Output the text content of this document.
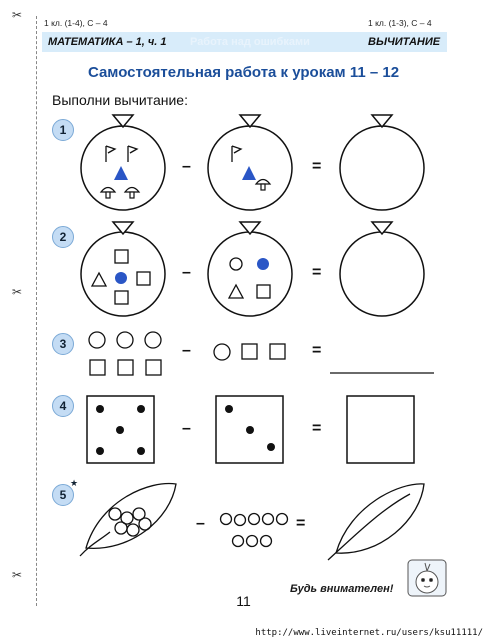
✂
✂
✂
1 кл. (1-4), С – 4	1 кл. (1-3), С – 4
МАТЕМАТИКА – 1, ч. 1 Работа над ошибками	ВЫЧИТАНИЕ
Самостоятельная работа к урокам 11 – 12
Выполни вычитание:
1
2
3
4
5
★
–	=
–	=
–	=
–	=
–	=
11
Будь внимателен!
http://www.liveinternet.ru/users/ksu11111/
